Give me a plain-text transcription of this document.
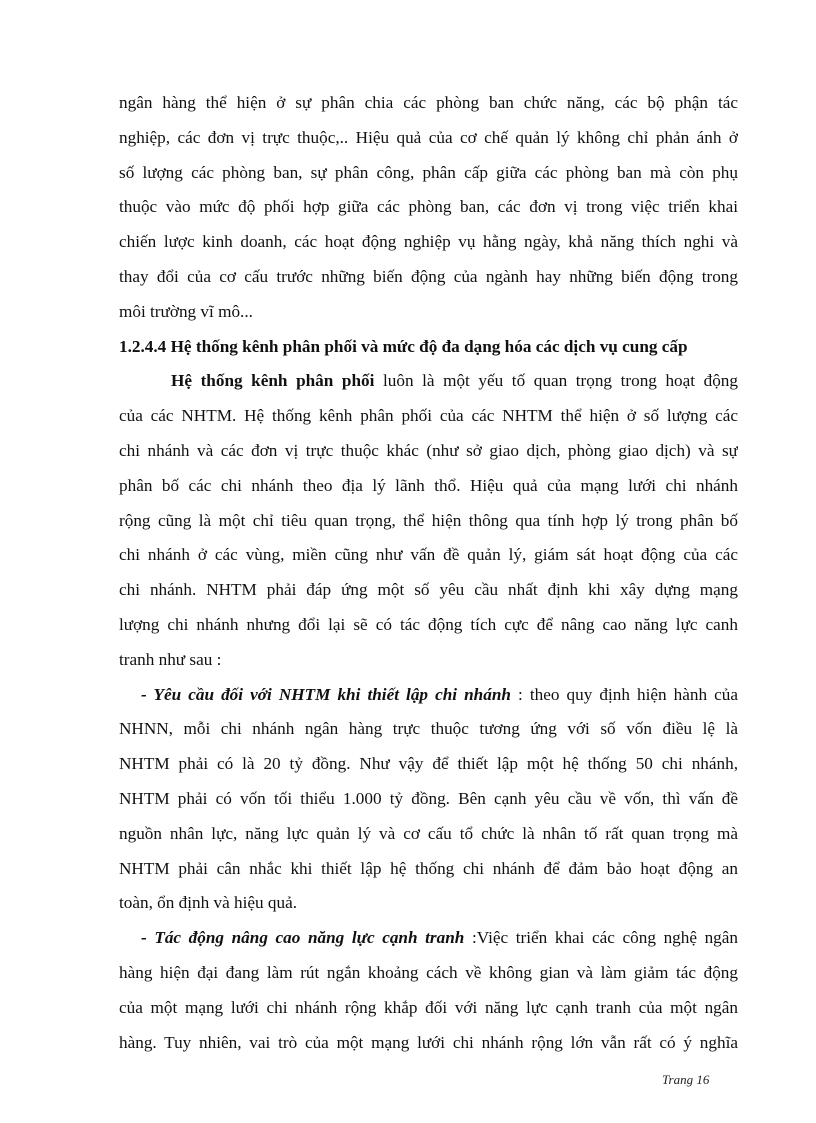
ngân hàng thể hiện ở sự phân chia các phòng ban chức năng, các bộ phận tác
nghiệp, các đơn vị trực thuộc,.. Hiệu quả của cơ chế quản lý không chỉ phản ánh ở
số lượng các phòng ban, sự phân công, phân cấp giữa các phòng ban mà còn phụ
thuộc vào mức độ phối hợp giữa các phòng ban, các đơn vị trong việc triển khai
chiến lược kinh doanh, các hoạt động nghiệp vụ hằng ngày, khả năng thích nghi và
thay đổi của cơ cấu trước những biến động của ngành hay những biến động trong
môi trường vĩ mô...
1.2.4.4 Hệ thống kênh phân phối và mức độ đa dạng hóa các dịch vụ cung cấp
Hệ thống kênh phân phối luôn là một yếu tố quan trọng trong hoạt động
của các NHTM. Hệ thống kênh phân phối của các NHTM thể hiện ở số lượng các
chi nhánh và các đơn vị trực thuộc khác (như sở giao dịch, phòng giao dịch) và sự
phân bố các chi nhánh theo địa lý lãnh thổ. Hiệu quả của mạng lưới chi nhánh
rộng cũng là một chỉ tiêu quan trọng, thể hiện thông qua tính hợp lý trong phân bố
chi nhánh ở các vùng, miền cũng như vấn đề quản lý, giám sát hoạt động của các
chi nhánh. NHTM phải đáp ứng một số yêu cầu nhất định khi xây dựng mạng
lượng chi nhánh nhưng đổi lại sẽ có tác động tích cực để nâng cao năng lực canh
tranh như sau :
- Yêu cầu đối với NHTM khi thiết lập chi nhánh : theo quy định hiện hành của
NHNN, mỗi chi nhánh ngân hàng trực thuộc tương ứng với số vốn điều lệ là
NHTM phải có là 20 tỷ đồng. Như vậy để thiết lập một hệ thống 50 chi nhánh,
NHTM phải có vốn tối thiểu 1.000 tỷ đồng. Bên cạnh yêu cầu về vốn, thì vấn đề
nguồn nhân lực, năng lực quản lý và cơ cấu tổ chức là nhân tố rất quan trọng mà
NHTM phải cân nhắc khi thiết lập hệ thống chi nhánh để đảm bảo hoạt động an
toàn, ổn định và hiệu quả.
- Tác động nâng cao năng lực cạnh tranh :Việc triển khai các công nghệ ngân
hàng hiện đại đang làm rút ngắn khoảng cách về không gian và làm giảm tác động
của một mạng lưới chi nhánh rộng khắp đối với năng lực cạnh tranh của một ngân
hàng. Tuy nhiên, vai trò của một mạng lưới chi nhánh rộng lớn vẫn rất có ý nghĩa
Trang 16
